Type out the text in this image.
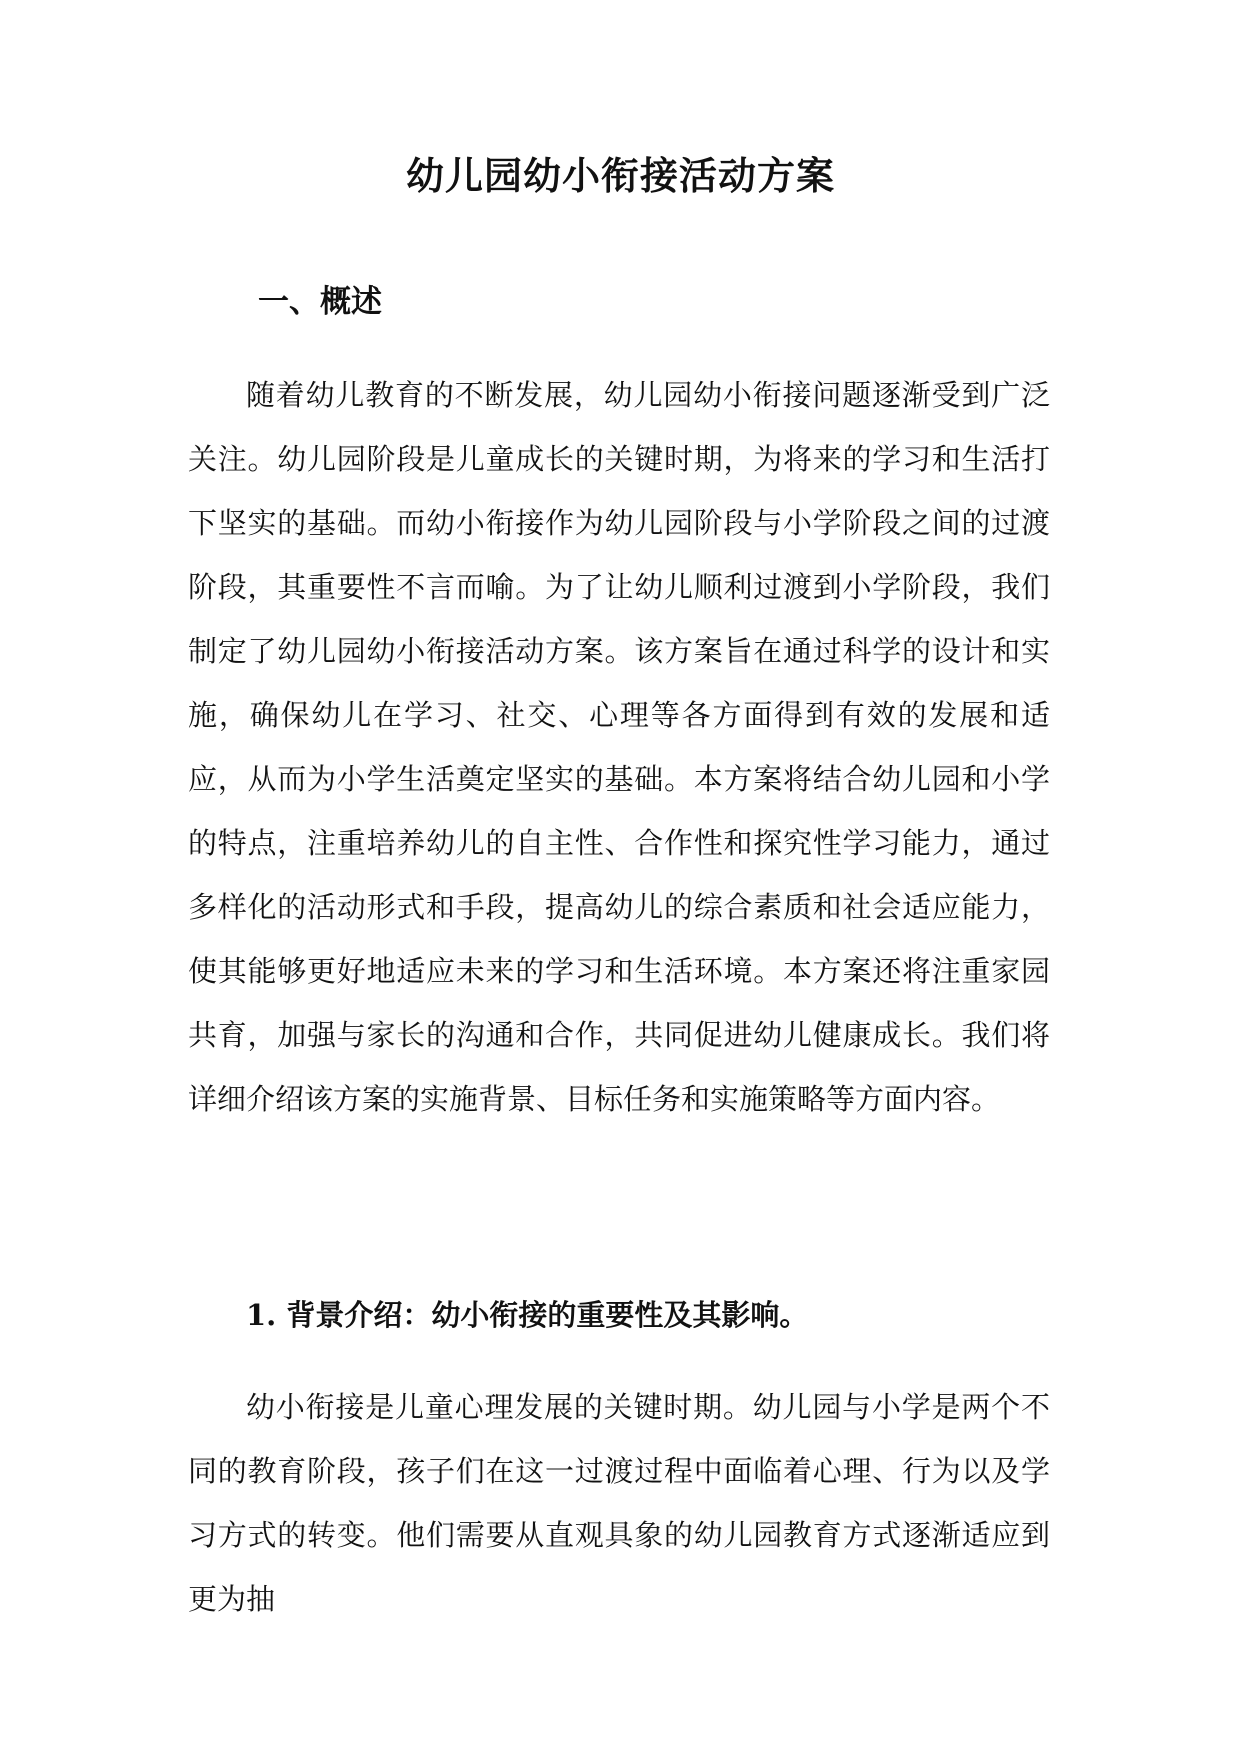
幼儿园幼小衔接活动方案
一、概述

随着幼儿教育的不断发展，幼儿园幼小衔接问题逐渐受到广泛关注。幼儿园阶段是儿童成长的关键时期，为将来的学习和生活打下坚实的基础。而幼小衔接作为幼儿园阶段与小学阶段之间的过渡阶段，其重要性不言而喻。为了让幼儿顺利过渡到小学阶段，我们制定了幼儿园幼小衔接活动方案。该方案旨在通过科学的设计和实施，确保幼儿在学习、社交、心理等各方面得到有效的发展和适应，从而为小学生活奠定坚实的基础。本方案将结合幼儿园和小学的特点，注重培养幼儿的自主性、合作性和探究性学习能力，通过多样化的活动形式和手段，提高幼儿的综合素质和社会适应能力，使其能够更好地适应未来的学习和生活环境。本方案还将注重家园共育，加强与家长的沟通和合作，共同促进幼儿健康成长。我们将详细介绍该方案的实施背景、目标任务和实施策略等方面内容。

1. 背景介绍：幼小衔接的重要性及其影响。

幼小衔接是儿童心理发展的关键时期。幼儿园与小学是两个不同的教育阶段，孩子们在这一过渡过程中面临着心理、行为以及学习方式的转变。他们需要从直观具象的幼儿园教育方式逐渐适应到更为抽
